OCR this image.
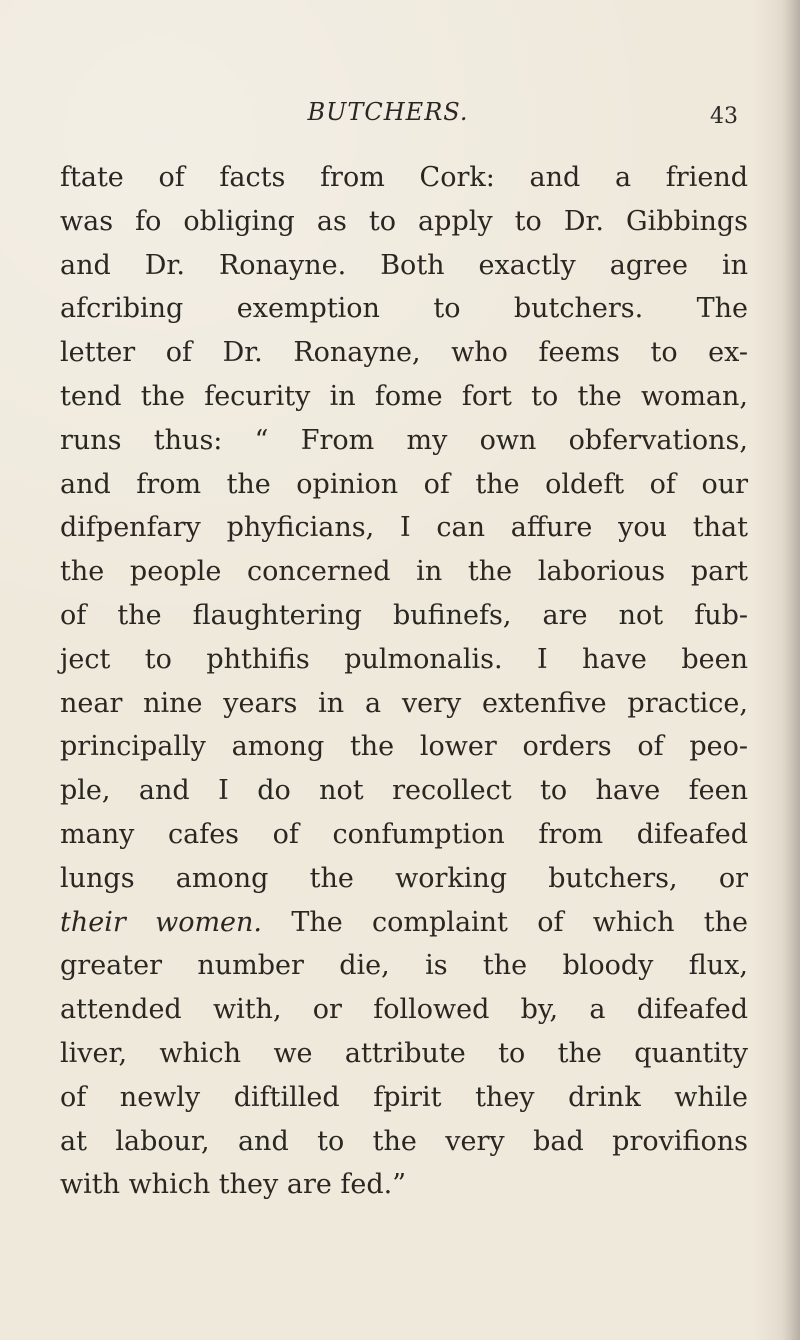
BUTCHERS.	43
ftate of facts from Cork: and a friend
was fo obliging as to apply to Dr. Gibbings
and Dr. Ronayne. Both exactly agree in
afcribing exemption to butchers. The
letter of Dr. Ronayne, who feems to ex-
tend the fecurity in fome fort to the woman,
runs thus: “ From my own obfervations,
and from the opinion of the oldeft of our
difpenfary phyficians, I can affure you that
the people concerned in the laborious part
of the flaughtering bufinefs, are not fub-
ject to phthifis pulmonalis. I have been
near nine years in a very extenfive practice,
principally among the lower orders of peo-
ple, and I do not recollect to have feen
many cafes of confumption from difeafed
lungs among the working butchers, or
their women. The complaint of which the
greater number die, is the bloody flux,
attended with, or followed by, a difeafed
liver, which we attribute to the quantity
of newly diftilled fpirit they drink while
at labour, and to the very bad provifions
with which they are fed.”
